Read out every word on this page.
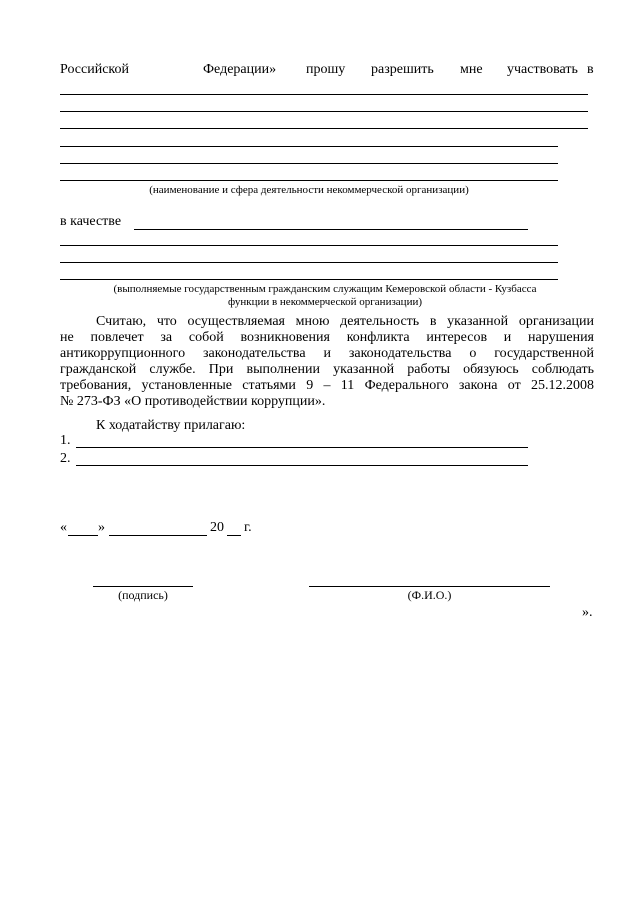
Российской	Федерации» прошу разрешить мне участвовать в
(наименование и сфера деятельности некоммерческой организации)
в качестве
(выполняемые государственным гражданским служащим Кемеровской области - Кузбасса
функции в некоммерческой организации)

Считаю, что осуществляемая мною деятельность в указанной организации

не повлечет за собой возникновения конфликта интересов и нарушения

антикоррупционного законодательства и законодательства о государственной

гражданской службе. При выполнении указанной работы обязуюсь соблюдать

требования, установленные статьями 9 – 11 Федерального закона от 25.12.2008

№ 273-ФЗ «О противодействии коррупции».

К ходатайству прилагаю:
1.
2.
« »	20 г.
(подпись)	(Ф.И.О.)
».
